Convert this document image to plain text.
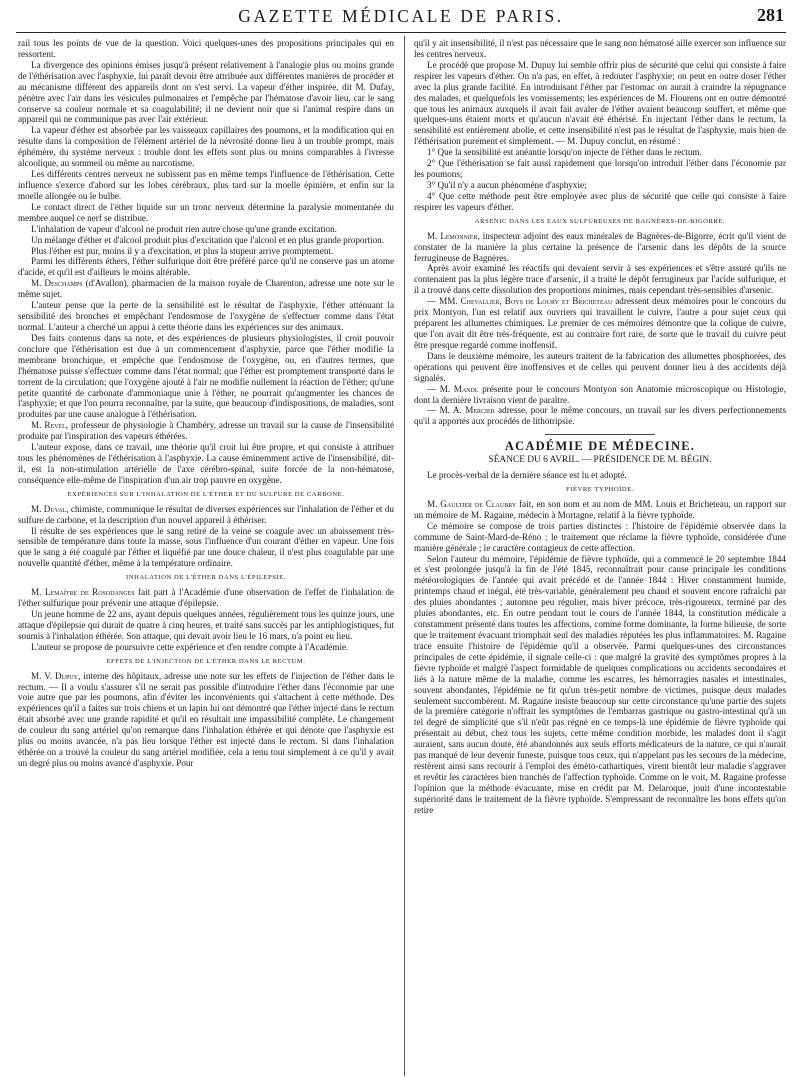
GAZETTE MÉDICALE DE PARIS.	281

rail tous les points de vue de la question. Voici quelques-unes des propositions principales qui en ressortent.

La divergence des opinions émises jusqu'à présent relativement à l'analogie plus ou moins grande de l'éthérisation avec l'asphyxie, lui paraît devoir être attribuée aux différentes manières de procéder et au mécanisme différent des appareils dont on s'est servi. La vapeur d'éther inspirée, dit M. Dufay, pénètre avec l'air dans les vésicules pulmonaires et l'empêche par l'hématose d'avoir lieu, car le sang conserve sa couleur normale et sa coagulabilité; il ne devient noir que si l'animal respire dans un appareil qui ne communique pas avec l'air extérieur.

La vapeur d'éther est absorbée par les vaisseaux capillaires des poumons, et la modification qui en résulte dans la composition de l'élément artériel de la névrosité donne lieu à un trouble prompt, mais éphémère, du système nerveux : trouble dont les effets sont plus ou moins comparables à l'ivresse alcoolique, au sommeil ou même au narcotisme.

Les différents centres nerveux ne subissent pas en même temps l'influence de l'éthérisation. Cette influence s'exerce d'abord sur les lobes cérébraux, plus tard sur la moelle épinière, et enfin sur la moelle allongée ou le bulbe.

Le contact direct de l'éther liquide sur un tronc nerveux détermine la paralysie momentanée du membre auquel ce nerf se distribue.

L'inhalation de vapeur d'alcool ne produit rien autre chose qu'une grande excitation.

Un mélange d'éther et d'alcool produit plus d'excitation que l'alcool et en plus grande proportion.

Plus l'éther est pur, moins il y a d'excitation, et plus la stupeur arrive promptement.

Parmi les différents éthers, l'éther sulfurique doit être préféré parce qu'il ne conserve pas un atome d'acide, et qu'il est d'ailleurs le moins altérable.

M. Deschamps (d'Avallon), pharmacien de la maison royale de Charenton, adresse une note sur le même sujet.

L'auteur pense que la perte de la sensibilité est le résultat de l'asphyxie, l'éther atténuant la sensibilité des bronches et empêchant l'endosmose de l'oxygène de s'effectuer comme dans l'état normal. L'auteur a cherché un appui à cette théorie dans les expériences sur des animaux.

Des faits contenus dans sa note, et des expériences de plusieurs physiologistes, il croit pouvoir conclure que l'éthérisation est due à un commencement d'asphyxie, parce que l'éther modifie la membrane bronchique, et empêche que l'endosmose de l'oxygène, ou, en d'autres termes, que l'hématose puisse s'effectuer comme dans l'état normal; que l'éther est promptement transporté dans le torrent de la circulation; que l'oxygène ajouté à l'air ne modifie nullement la réaction de l'éther; qu'une petite quantité de carbonate d'ammoniaque unie à l'éther, ne pourrait qu'augmenter les chances de l'asphyxie; et que l'on pourra reconnaître, par la suite, que beaucoup d'indispositions, de maladies, sont produites par une cause analogue à l'éthérisation.

M. Revel, professeur de physiologie à Chambéry, adresse un travail sur la cause de l'insensibilité produite par l'inspiration des vapeurs éthérées.

L'auteur expose, dans ce travail, une théorie qu'il croit lui être propre, et qui consiste à attribuer tous les phénomènes de l'éthérisation à l'asphyxie. La cause éminemment active de l'insensibilité, dit-il, est la non-stimulation artérielle de l'axe cérébro-spinal, suite forcée de la non-hématose, conséquence elle-même de l'inspiration d'un air trop pauvre en oxygène.

EXPÉRIENCES SUR L'INHALATION DE L'ÉTHER ET DU SULFURE DE CARBONE.

M. Duval, chimiste, communique le résultat de diverses expériences sur l'inhalation de l'éther et du sulfure de carbone, et la description d'un nouvel appareil à éthériser.

Il résulte de ses expériences que le sang retiré de la veine se coagule avec un abaissement très-sensible de température dans toute la masse, sous l'influence d'un courant d'éther en vapeur. Une fois que le sang a été coagulé par l'éther et liquéfié par une douce chaleur, il n'est plus coagulable par une nouvelle quantité d'éther, même à la température ordinaire.

INHALATION DE L'ÉTHER DANS L'ÉPILEPSIE.

M. Lemaître de Rosodanges fait part à l'Académie d'une observation de l'effet de l'inhalation de l'éther sulfurique pour prévenir une attaque d'épilepsie.

Un jeune homme de 22 ans, ayant depuis quelques années, régulièrement tous les quinze jours, une attaque d'épilepsie qui durait de quatre à cinq heures, et traité sans succès par les antiphlogistiques, fut soumis à l'inhalation éthérée. Son attaque, qui devait avoir lieu le 16 mars, n'a point eu lieu.

L'auteur se propose de poursuivre cette expérience et d'en rendre compte à l'Académie.

EFFETS DE L'INJECTION DE L'ÉTHER DANS LE RECTUM.

M. V. Dupuy, interne des hôpitaux, adresse une note sur les effets de l'injection de l'éther dans le rectum. — Il a voulu s'assurer s'il ne serait pas possible d'introduire l'éther dans l'économie par une voie autre que par les poumons, afin d'éviter les inconvénients qui s'attachent à cette méthode. Des expériences qu'il a faites sur trois chiens et un lapin lui ont démontré que l'éther injecté dans le rectum était absorbé avec une grande rapidité et qu'il en résultait une impassibilité complète. Le changement de couleur du sang artériel qu'on remarque dans l'inhalation éthérée et qui dénote que l'asphyxie est plus ou moins avancée, n'a pas lieu lorsque l'éther est injecté dans le rectum. Si dans l'inhalation éthérée on a trouvé la couleur du sang artériel modifiée, cela a tenu tout simplement à ce qu'il y avait un degré plus ou moins avancé d'asphyxie. Pour

qu'il y ait insensibilité, il n'est pas nécessaire que le sang non hématosé aille exercer son influence sur les centres nerveux.

Le procédé que propose M. Dupuy lui semble offrir plus de sécurité que celui qui consiste à faire respirer les vapeurs d'éther. On n'a pas, en effet, à redouter l'asphyxie; on peut en outre doser l'éther avec la plus grande facilité. En introduisant l'éther par l'estomac on aurait à craindre la répugnance des malades, et quelquefois les vomissements; les expériences de M. Flourens ont en outre démontré que tous les animaux auxquels il avait fait avaler de l'éther avaient beaucoup souffert, et même que quelques-uns étaient morts et qu'aucun n'avait été éthérisé. En injectant l'éther dans le rectum, la sensibilité est entièrement abolie, et cette insensibilité n'est pas le résultat de l'asphyxie, mais bien de l'éthérisation purement et simplement. — M. Dupuy conclut, en résumé :

1° Que la sensibilité est anéantie lorsqu'on injecte de l'éther dans le rectum.

2° Que l'éthérisation se fait aussi rapidement que lorsqu'on introduit l'éther dans l'économie par les poumons;

3° Qu'il n'y a aucun phénomène d'asphyxie;

4° Que cette méthode peut être employée avec plus de sécurité que celle qui consiste à faire respirer les vapeurs d'éther.

ARSENIC DANS LES EAUX SULFUREUSES DE BAGNÈRES-DE-BIGORRE.

M. Lemonnier, inspecteur adjoint des eaux minérales de Bagnères-de-Bigorre, écrit qu'il vient de constater de la manière la plus certaine la présence de l'arsenic dans les dépôts de la source ferrugineuse de Bagnères.

Après avoir examiné les réactifs qui devaient servir à ses expériences et s'être assuré qu'ils ne contenaient pas la plus légère trace d'arsenic, il a traité le dépôt ferrugineux par l'acide sulfurique, et il a trouvé dans cette dissolution des proportions minimes, mais cependant très-sensibles d'arsenic.

— MM. Chevallier, Boys de Loury et Bricheteau adressent deux mémoires pour le concours du prix Montyon, l'un est relatif aux ouvriers qui travaillent le cuivre, l'autre a pour sujet ceux qui préparent les allumettes chimiques. Le premier de ces mémoires démontre que la colique de cuivre, que l'on avait dit être très-fréquente, est au contraire fort rare, de sorte que le travail du cuivre peut être presque regardé comme inoffensif.

Dans le deuxième mémoire, les auteurs traitent de la fabrication des allumettes phosphorées, des opérations qui peuvent être inoffensives et de celles qui peuvent donner lieu à des accidents déjà signalés.

— M. Mandl présente pour le concours Montyon son Anatomie microscopique ou Histologie, dont la dernière livraison vient de paraître.

— M. A. Mercier adresse, pour le même concours, un travail sur les divers perfectionnements qu'il a apportés aux procédés de lithotripsie.

ACADÉMIE DE MÉDECINE.
SÉANCE DU 6 AVRIL. — PRÉSIDENCE DE M. BÉGIN.

Le procès-verbal de la dernière séance est lu et adopté.

FIÈVRE TYPHOÏDE.

M. Gaultier de Claubry fait, en son nom et au nom de MM. Louis et Bricheteau, un rapport sur un mémoire de M. Ragaine, médecin à Mortagne, relatif à la fièvre typhoïde.

Ce mémoire se compose de trois parties distinctes : l'histoire de l'épidémie observée dans la commune de Saint-Mard-de-Réno ; le traitement que réclame la fièvre typhoïde, considérée d'une manière générale ; le caractère contagieux de cette affection.

Selon l'auteur du mémoire, l'épidémie de fièvre typhoïde, qui a commencé le 20 septembre 1844 et s'est prolongée jusqu'à la fin de l'été 1845, reconnaîtrait pour cause principale les conditions météorologiques de l'année qui avait précédé et de l'année 1844 : Hiver constamment humide, printemps chaud et inégal, été très-variable, généralement peu chaud et souvent encore rafraîchi par des pluies abondantes ; automne peu régulier, mais hiver précoce, très-rigoureux, terminé par des pluies abondantes, etc. En outre pendant tout le cours de l'année 1844, la constitution médicale a constamment présenté dans toutes les affections, comme forme dominante, la forme bilieuse, de sorte que le traitement évacuant triomphait seul des maladies réputées les plus inflammatoires. M. Ragaine trace ensuite l'histoire de l'épidémie qu'il a observée. Parmi quelques-unes des circonstances principales de cette épidémie, il signale celle-ci : que malgré la gravité des symptômes propres à la fièvre typhoïde et malgré l'aspect formidable de quelques complications ou accidents secondaires et liés à la nature même de la maladie, comme les escarres, les hémorragies nasales et intestinales, souvent abondantes, l'épidémie ne fit qu'un très-petit nombre de victimes, puisque deux malades seulement succombèrent. M. Ragaine insiste beaucoup sur cette circonstance qu'une partie des sujets de la première catégorie n'offrait les symptômes de l'embarras gastrique ou gastro-intestinal qu'à un tel degré de simplicité que s'il n'eût pas régné en ce temps-là une épidémie de fièvre typhoïde qui présentait au début, chez tous les sujets, cette même condition morbide, les malades dont il s'agit auraient, sans aucun doute, été abandonnés aux seuls efforts médicateurs de la nature, ce qui n'aurait pas manqué de leur devenir funeste, puisque tous ceux, qui n'appelant pas les secours de la médecine, restèrent ainsi sans recourir à l'emploi des émèto-cathartiques, virent bientôt leur maladie s'aggraver et revêtir les caractères bien tranchés de l'affection typhoïde. Comme on le voit, M. Ragaine professe l'opinion que la méthode évacuante, mise en crédit par M. Delaroque, jouit d'une incontestable supériorité dans le traitement de la fièvre typhoïde. S'empressant de reconnaître les bons effets qu'on retire
